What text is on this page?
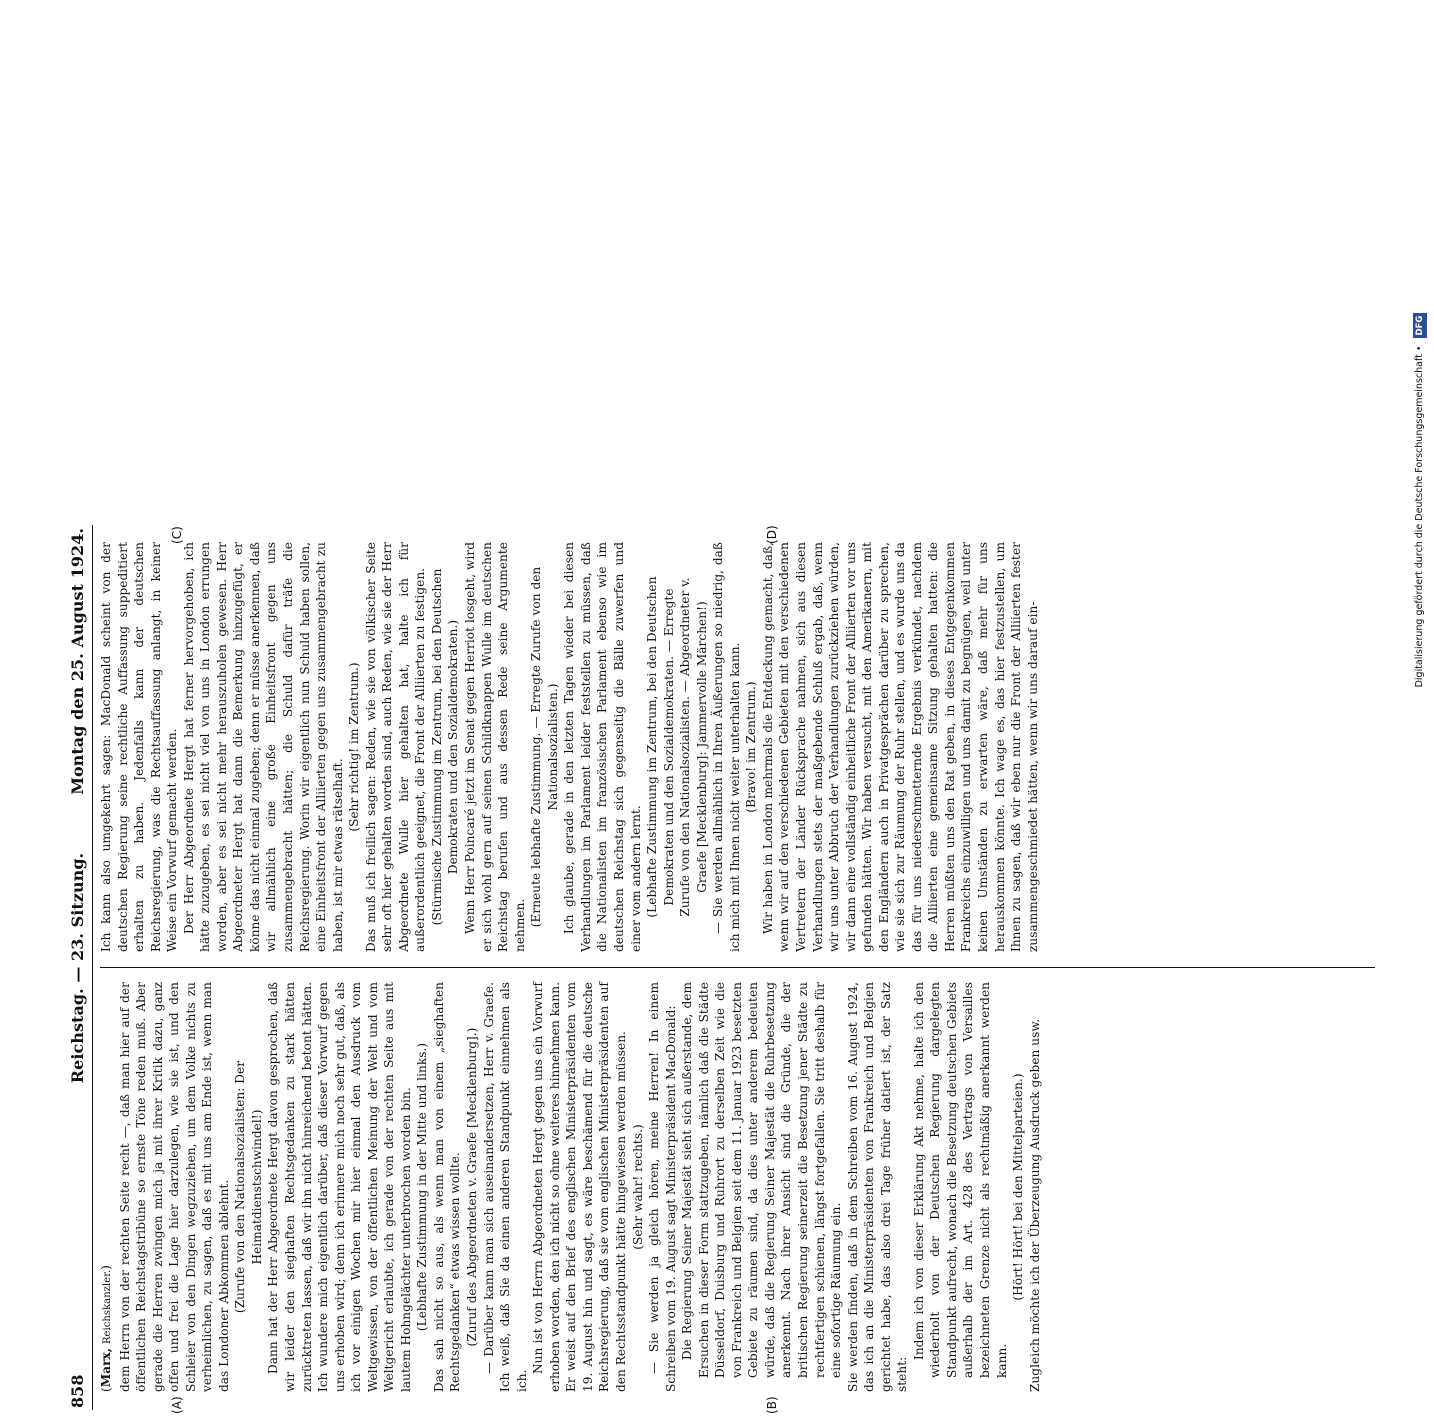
858
Reichstag. — 23. Sitzung.
Montag den 25. August 1924.
(A)	(B)
(C)	(D)

(Marx, Reichskanzler.) dem Herrn von der rechten Seite recht —, daß man hier auf der öffentlichen Reichstagstribüne so ernste Töne reden muß. Aber gerade die Herren zwingen mich ja mit ihrer Kritik dazu, ganz offen und frei die Lage hier darzulegen, wie sie ist, und den Schleier von den Dingen wegzuziehen, um dem Volke nichts zu verheimlichen, zu sagen, daß es mit uns am Ende ist, wenn man das Londoner Abkommen ablehnt. (Zurufe von den Nationalsozialisten: Der Heimatdienstschwindel!) Dann hat der Herr Abgeordnete Hergt davon gesprochen, daß wir leider den sieghaften Rechtsgedanken zu stark hätten zurücktreten lassen, daß wir ihn nicht hinreichend betont hätten. Ich wundere mich eigentlich darüber, daß dieser Vorwurf gegen uns erhoben wird; denn ich erinnere mich noch sehr gut, daß, als ich vor einigen Wochen mir hier einmal den Ausdruck vom Weltgewissen, von der öffentlichen Meinung der Welt und vom Weltgericht erlaubte, ich gerade von der rechten Seite aus mit lautem Hohngelächter unterbrochen worden bin. (Lebhafte Zustimmung in der Mitte und links.) Das sah nicht so aus, als wenn man von einem „sieghaften Rechtsgedanken“ etwas wissen wollte. (Zuruf des Abgeordneten v. Graefe [Mecklenburg].) — Darüber kann man sich auseinandersetzen, Herr v. Graefe. Ich weiß, daß Sie da einen anderen Standpunkt einnehmen als ich.

Nun ist von Herrn Abgeordneten Hergt gegen uns ein Vorwurf erhoben worden, den ich nicht so ohne weiteres hinnehmen kann. Er weist auf den Brief des englischen Ministerpräsidenten vom 19. August hin und sagt, es wäre beschämend für die deutsche Reichsregierung, daß sie vom englischen Ministerpräsidenten auf den Rechtsstandpunkt hätte hingewiesen werden müssen. (Sehr wahr! rechts.) — Sie werden ja gleich hören, meine Herren! In einem Schreiben vom 19. August sagt Ministerpräsident MacDonald: Die Regierung Seiner Majestät sieht sich außerstande, dem Ersuchen in dieser Form stattzugeben, nämlich daß die Städte Düsseldorf, Duisburg und Ruhrort zu derselben Zeit wie die von Frankreich und Belgien seit dem 11. Januar 1923 besetzten Gebiete zu räumen sind, da dies unter anderem bedeuten würde, daß die Regierung Seiner Majestät die Ruhrbesetzung anerkennt. Nach ihrer Ansicht sind die Gründe, die der britischen Regierung seinerzeit die Besetzung jener Städte zu rechtfertigen schienen, längst fortgefallen. Sie tritt deshalb für eine sofortige Räumung ein. Sie werden finden, daß in dem Schreiben vom 16. August 1924, das ich an die Ministerpräsidenten von Frankreich und Belgien gerichtet habe, das also drei Tage früher datiert ist, der Satz steht:

Indem ich von dieser Erklärung Akt nehme, halte ich den wiederholt von der Deutschen Regierung dargelegten Standpunkt aufrecht, wonach die Besetzung deutschen Gebiets außerhalb der im Art. 428 des Vertrags von Versailles bezeichneten Grenze nicht als rechtmäßig anerkannt werden kann.

(Hört! Hört! bei den Mittelparteien.) Zugleich möchte ich der Überzeugung Ausdruck geben usw.

Ich kann also umgekehrt sagen: MacDonald scheint von der deutschen Regierung seine rechtliche Auffassung suppeditiert erhalten zu haben. Jedenfalls kann der deutschen Reichsregierung, was die Rechtsauffassung anlangt, in keiner Weise ein Vorwurf gemacht werden. Der Herr Abgeordnete Hergt hat ferner hervorgehoben, ich hätte zuzugeben, es sei nicht viel von uns in London errungen worden, aber es sei nicht mehr herauszuholen gewesen. Herr Abgeordneter Hergt hat dann die Bemerkung hinzugefügt, er könne das nicht einmal zugeben; denn er müsse anerkennen, daß wir allmählich eine große Einheitsfront gegen uns zusammengebracht hätten; die Schuld dafür träfe die Reichsregierung. Worin wir eigentlich nun Schuld haben sollen, eine Einheitsfront der Alliierten gegen uns zusammengebracht zu haben, ist mir etwas rätselhaft.

(Sehr richtig! im Zentrum.) Das muß ich freilich sagen: Reden, wie sie von völkischer Seite sehr oft hier gehalten worden sind, auch Reden, wie sie der Herr Abgeordnete Wulle hier gehalten hat, halte ich für außerordentlich geeignet, die Front der Alliierten zu festigen. (Stürmische Zustimmung im Zentrum, bei den Deutschen Demokraten und den Sozialdemokraten.) Wenn Herr Poincaré jetzt im Senat gegen Herriot losgeht, wird er sich wohl gern auf seinen Schildknappen Wulle im deutschen Reichstag berufen und aus dessen Rede seine Argumente nehmen. (Erneute lebhafte Zustimmung. — Erregte Zurufe von den Nationalsozialisten.) Ich glaube, gerade in den letzten Tagen wieder bei diesen Verhandlungen im Parlament leider feststellen zu müssen, daß die Nationalisten im französischen Parlament ebenso wie im deutschen Reichstag sich gegenseitig die Bälle zuwerfen und einer vom andern lernt. (Lebhafte Zustimmung im Zentrum, bei den Deutschen Demokraten und den Sozialdemokraten. — Erregte Zurufe von den Nationalsozialisten. — Abgeordneter v. Graefe [Mecklenburg]: Jammervolle Märchen!) — Sie werden allmählich in Ihren Äußerungen so niedrig, daß ich mich mit Ihnen nicht weiter unterhalten kann. (Bravo! im Zentrum.) Wir haben in London mehrmals die Entdeckung gemacht, daß, wenn wir auf den verschiedenen Gebieten mit den verschiedenen Vertretern der Länder Rücksprache nahmen, sich aus diesen Verhandlungen stets der maßgebende Schluß ergab, daß, wenn wir uns unter Abbruch der Verhandlungen zurückziehen würden, wir dann eine vollständig einheitliche Front der Alliierten vor uns gefunden hätten. Wir haben versucht, mit den Amerikanern, mit den Engländern auch in Privatgesprächen darüber zu sprechen, wie sie sich zur Räumung der Ruhr stellen, und es wurde uns da das für uns niederschmetternde Ergebnis verkündet, nachdem die Alliierten eine gemeinsame Sitzung gehalten hatten: die Herren müßten uns den Rat geben, in dieses Entgegenkommen Frankreichs einzuwilligen und uns damit zu begnügen, weil unter keinen Umständen zu erwarten wäre, daß mehr für uns herauskommen könnte. Ich wage es, das hier festzustellen, um Ihnen zu sagen, daß wir eben nur die Front der Alliierten fester zusammengeschmiedet hätten, wenn wir uns darauf ein-

Digitalisierung gefördert durch die Deutsche Forschungsgemeinschaft • DFG
